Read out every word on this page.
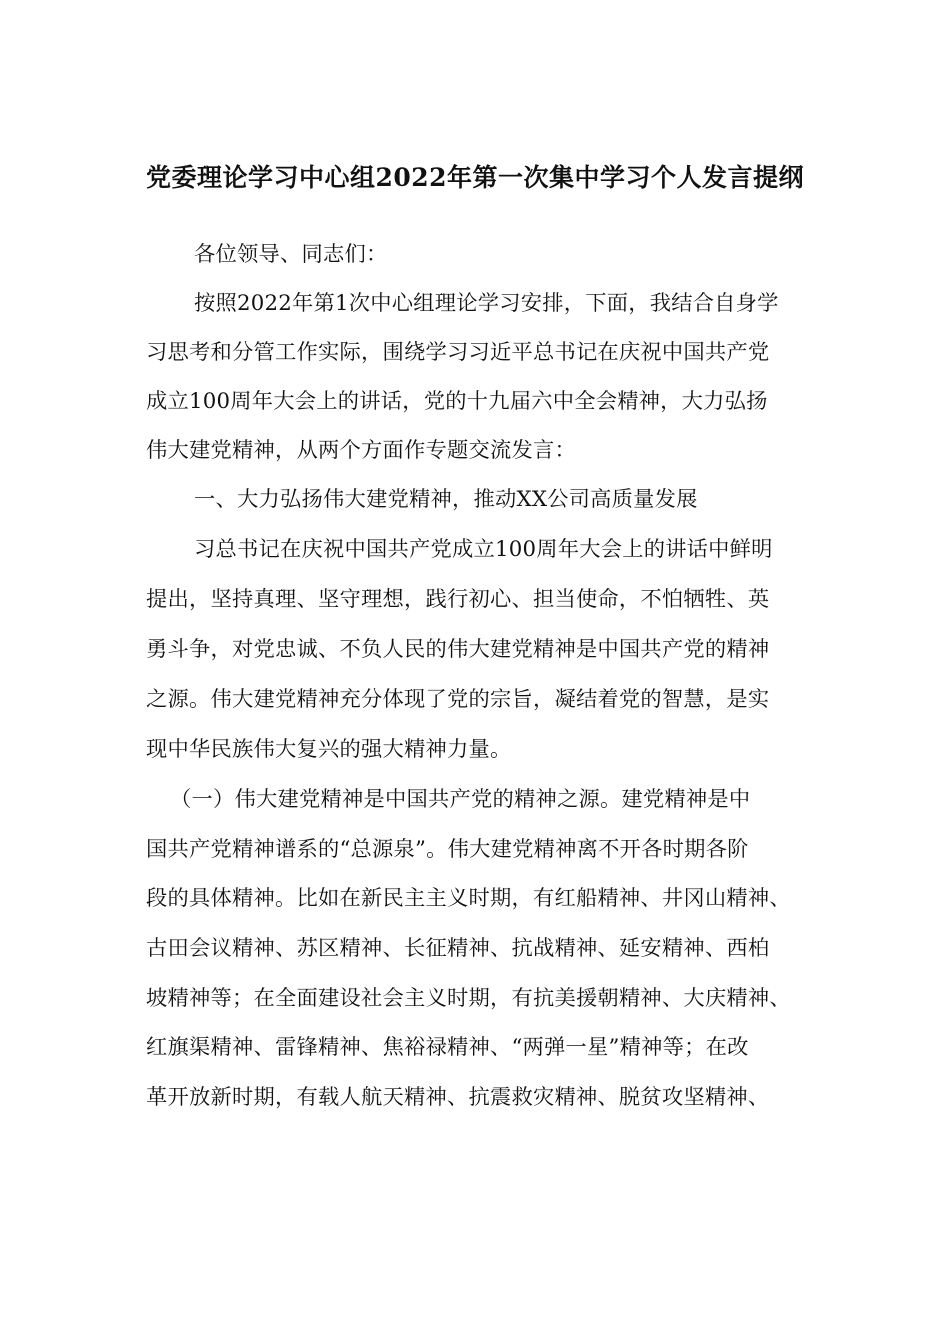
党委理论学习中心组2022年第一次集中学习个人发言提纲
各位领导、同志们：
按照2022年第1次中心组理论学习安排，下面，我结合自身学
习思考和分管工作实际，围绕学习习近平总书记在庆祝中国共产党
成立100周年大会上的讲话，党的十九届六中全会精神，大力弘扬
伟大建党精神，从两个方面作专题交流发言：
一、大力弘扬伟大建党精神，推动XX公司高质量发展
习总书记在庆祝中国共产党成立100周年大会上的讲话中鲜明
提出，坚持真理、坚守理想，践行初心、担当使命，不怕牺牲、英
勇斗争，对党忠诚、不负人民的伟大建党精神是中国共产党的精神
之源。伟大建党精神充分体现了党的宗旨，凝结着党的智慧，是实
现中华民族伟大复兴的强大精神力量。
（一）伟大建党精神是中国共产党的精神之源。建党精神是中
国共产党精神谱系的“总源泉”。伟大建党精神离不开各时期各阶
段的具体精神。比如在新民主主义时期，有红船精神、井冈山精神、
古田会议精神、苏区精神、长征精神、抗战精神、延安精神、西柏
坡精神等；在全面建设社会主义时期，有抗美援朝精神、大庆精神、
红旗渠精神、雷锋精神、焦裕禄精神、“两弹一星”精神等；在改
革开放新时期，有载人航天精神、抗震救灾精神、脱贫攻坚精神、
